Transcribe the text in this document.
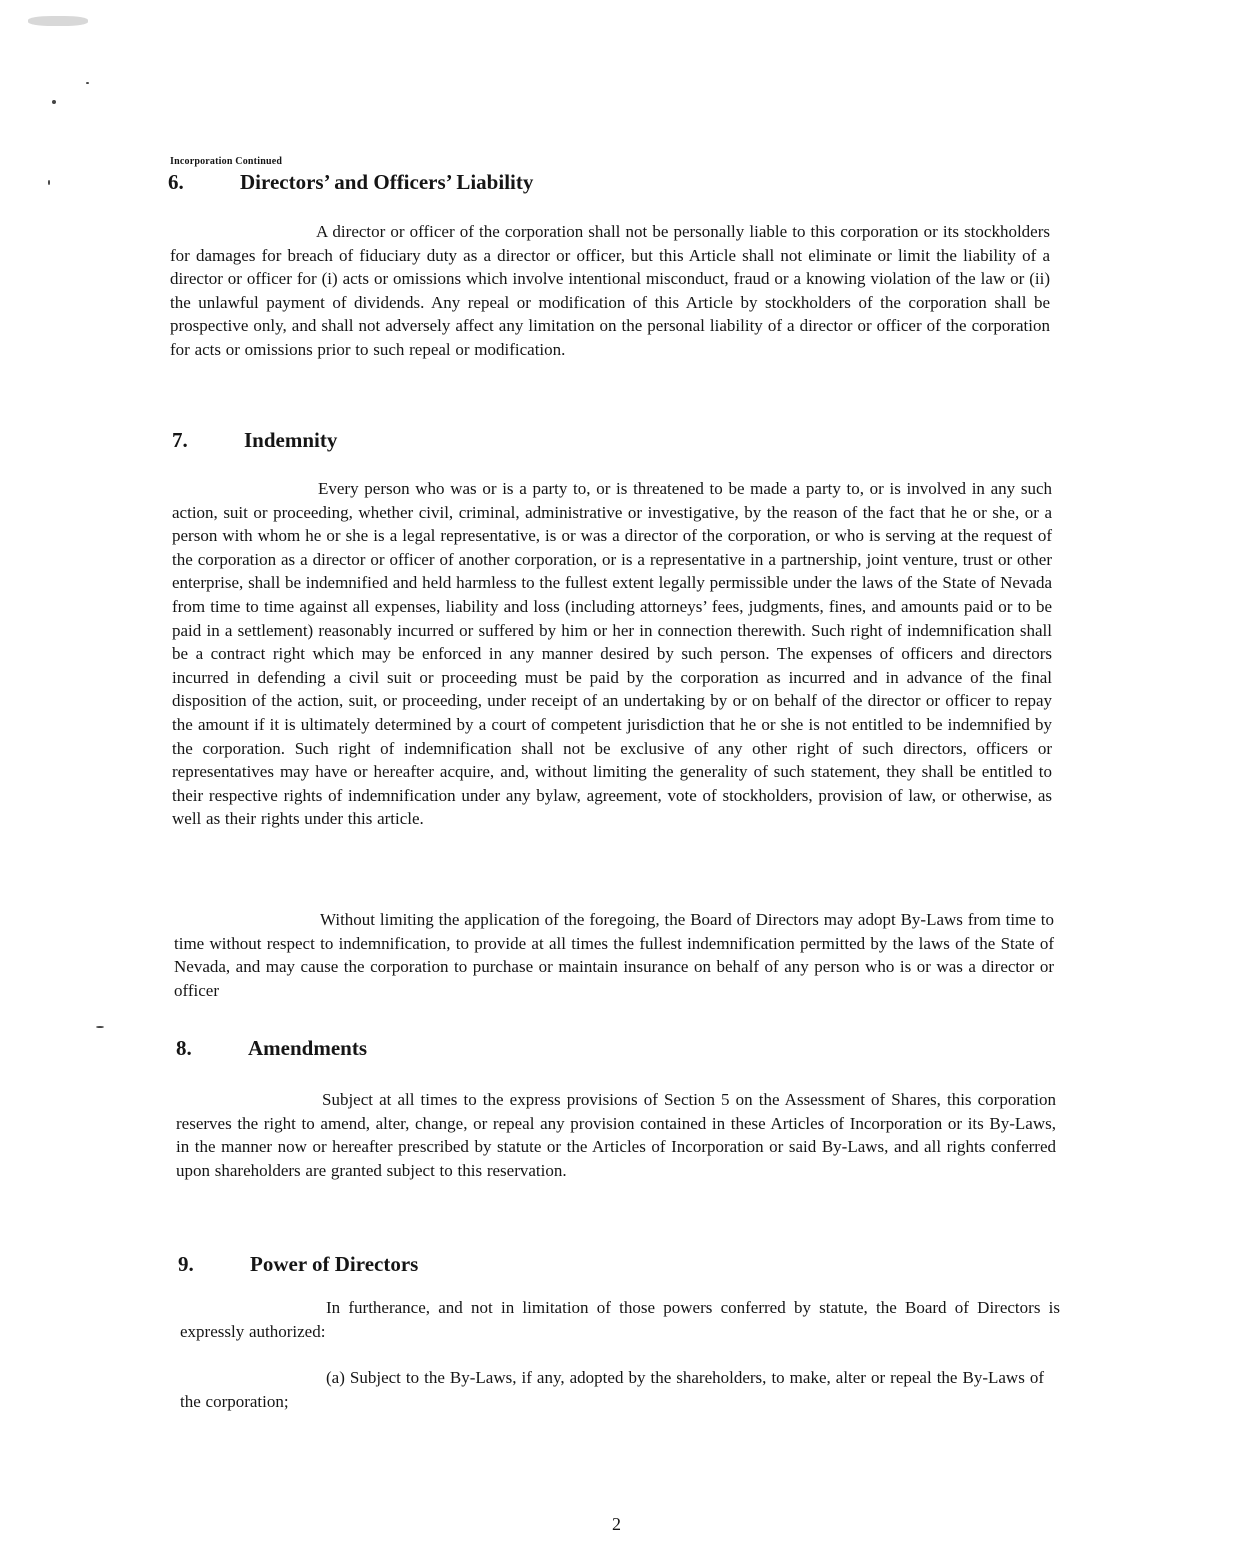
Incorporation Continued
6.	Directors’ and Officers’ Liability

A director or officer of the corporation shall not be personally liable to this corporation or its stockholders for damages for breach of fiduciary duty as a director or officer, but this Article shall not eliminate or limit the liability of a director or officer for (i) acts or omissions which involve intentional misconduct, fraud or a knowing violation of the law or (ii) the unlawful payment of dividends. Any repeal or modification of this Article by stockholders of the corporation shall be prospective only, and shall not adversely affect any limitation on the personal liability of a director or officer of the corporation for acts or omissions prior to such repeal or modification.

7.	Indemnity

Every person who was or is a party to, or is threatened to be made a party to, or is involved in any such action, suit or proceeding, whether civil, criminal, administrative or investigative, by the reason of the fact that he or she, or a person with whom he or she is a legal representative, is or was a director of the corporation, or who is serving at the request of the corporation as a director or officer of another corporation, or is a representative in a partnership, joint venture, trust or other enterprise, shall be indemnified and held harmless to the fullest extent legally permissible under the laws of the State of Nevada from time to time against all expenses, liability and loss (including attorneys’ fees, judgments, fines, and amounts paid or to be paid in a settlement) reasonably incurred or suffered by him or her in connection therewith. Such right of indemnification shall be a contract right which may be enforced in any manner desired by such person. The expenses of officers and directors incurred in defending a civil suit or proceeding must be paid by the corporation as incurred and in advance of the final disposition of the action, suit, or proceeding, under receipt of an undertaking by or on behalf of the director or officer to repay the amount if it is ultimately determined by a court of competent jurisdiction that he or she is not entitled to be indemnified by the corporation. Such right of indemnification shall not be exclusive of any other right of such directors, officers or representatives may have or hereafter acquire, and, without limiting the generality of such statement, they shall be entitled to their respective rights of indemnification under any bylaw, agreement, vote of stockholders, provision of law, or otherwise, as well as their rights under this article.

Without limiting the application of the foregoing, the Board of Directors may adopt By-Laws from time to time without respect to indemnification, to provide at all times the fullest indemnification permitted by the laws of the State of Nevada, and may cause the corporation to purchase or maintain insurance on behalf of any person who is or was a director or officer

8.	Amendments

Subject at all times to the express provisions of Section 5 on the Assessment of Shares, this corporation reserves the right to amend, alter, change, or repeal any provision contained in these Articles of Incorporation or its By-Laws, in the manner now or hereafter prescribed by statute or the Articles of Incorporation or said By-Laws, and all rights conferred upon shareholders are granted subject to this reservation.

9.	Power of Directors

In furtherance, and not in limitation of those powers conferred by statute, the Board of Directors is expressly authorized:

(a) Subject to the By-Laws, if any, adopted by the shareholders, to make, alter or repeal the By-Laws of the corporation;

2
